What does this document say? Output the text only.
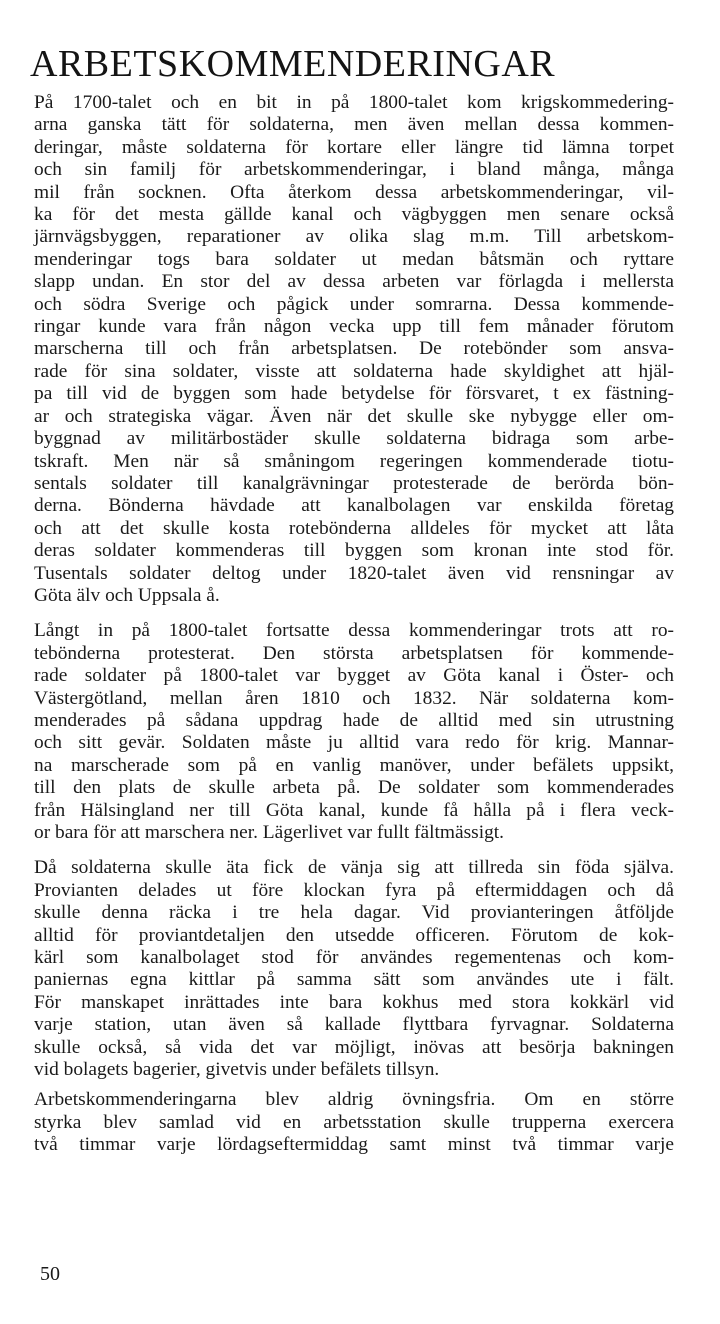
ARBETSKOMMENDERINGAR

På 1700-talet och en bit in på 1800-talet kom krigskommedering-
arna ganska tätt för soldaterna, men även mellan dessa kommen-
deringar, måste soldaterna för kortare eller längre tid lämna torpet
och sin familj för arbetskommenderingar, i bland många, många
mil från socknen. Ofta återkom dessa arbetskommenderingar, vil-
ka för det mesta gällde kanal och vägbyggen men senare också
järnvägsbyggen, reparationer av olika slag m.m. Till arbetskom-
menderingar togs bara soldater ut medan båtsmän och ryttare
slapp undan. En stor del av dessa arbeten var förlagda i mellersta
och södra Sverige och pågick under somrarna. Dessa kommende-
ringar kunde vara från någon vecka upp till fem månader förutom
marscherna till och från arbetsplatsen. De rotebönder som ansva-
rade för sina soldater, visste att soldaterna hade skyldighet att hjäl-
pa till vid de byggen som hade betydelse för försvaret, t ex fästning-
ar och strategiska vägar. Även när det skulle ske nybygge eller om-
byggnad av militärbostäder skulle soldaterna bidraga som arbe-
tskraft. Men när så småningom regeringen kommenderade tiotu-
sentals soldater till kanalgrävningar protesterade de berörda bön-
derna. Bönderna hävdade att kanalbolagen var enskilda företag
och att det skulle kosta rotebönderna alldeles för mycket att låta
deras soldater kommenderas till byggen som kronan inte stod för.
Tusentals soldater deltog under 1820-talet även vid rensningar av
Göta älv och Uppsala å.

Långt in på 1800-talet fortsatte dessa kommenderingar trots att ro-
tebönderna protesterat. Den största arbetsplatsen för kommende-
rade soldater på 1800-talet var bygget av Göta kanal i Öster- och
Västergötland, mellan åren 1810 och 1832. När soldaterna kom-
menderades på sådana uppdrag hade de alltid med sin utrustning
och sitt gevär. Soldaten måste ju alltid vara redo för krig. Mannar-
na marscherade som på en vanlig manöver, under befälets uppsikt,
till den plats de skulle arbeta på. De soldater som kommenderades
från Hälsingland ner till Göta kanal, kunde få hålla på i flera veck-
or bara för att marschera ner. Lägerlivet var fullt fältmässigt.

Då soldaterna skulle äta fick de vänja sig att tillreda sin föda själva.
Provianten delades ut före klockan fyra på eftermiddagen och då
skulle denna räcka i tre hela dagar. Vid provianteringen åtföljde
alltid för proviantdetaljen den utsedde officeren. Förutom de kok-
kärl som kanalbolaget stod för användes regementenas och kom-
paniernas egna kittlar på samma sätt som användes ute i fält.
För manskapet inrättades inte bara kokhus med stora kokkärl vid
varje station, utan även så kallade flyttbara fyrvagnar. Soldaterna
skulle också, så vida det var möjligt, inövas att besörja bakningen
vid bolagets bagerier, givetvis under befälets tillsyn.

Arbetskommenderingarna blev aldrig övningsfria. Om en större
styrka blev samlad vid en arbetsstation skulle trupperna exercera
två timmar varje lördagseftermiddag samt minst två timmar varje

50
